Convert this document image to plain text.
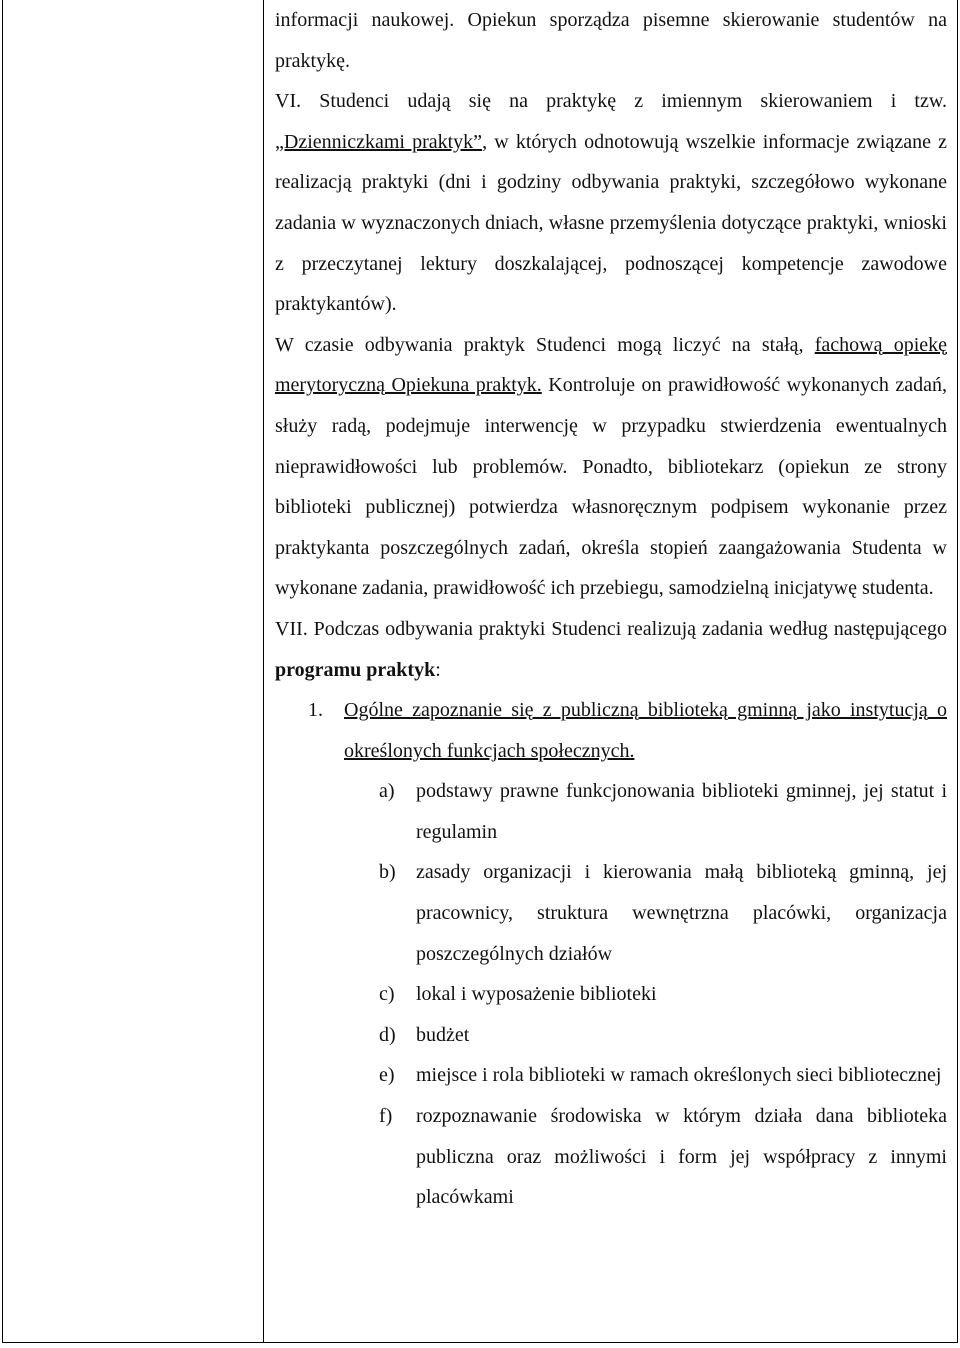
informacji naukowej. Opiekun sporządza pisemne skierowanie studentów na praktykę.

VI. Studenci udają się na praktykę z imiennym skierowaniem i tzw. „Dzienniczkami praktyk”, w których odnotowują wszelkie informacje związane z realizacją praktyki (dni i godziny odbywania praktyki, szczegółowo wykonane zadania w wyznaczonych dniach, własne przemyślenia dotyczące praktyki, wnioski z przeczytanej lektury doszkalającej, podnoszącej kompetencje zawodowe praktykantów).

W czasie odbywania praktyk Studenci mogą liczyć na stałą, fachową opiekę merytoryczną Opiekuna praktyk. Kontroluje on prawidłowość wykonanych zadań, służy radą, podejmuje interwencję w przypadku stwierdzenia ewentualnych nieprawidłowości lub problemów. Ponadto, bibliotekarz (opiekun ze strony biblioteki publicznej) potwierdza własnoręcznym podpisem wykonanie przez praktykanta poszczególnych zadań, określa stopień zaangażowania Studenta w wykonane zadania, prawidłowość ich przebiegu, samodzielną inicjatywę studenta.

VII. Podczas odbywania praktyki Studenci realizują zadania według następującego programu praktyk:

1. Ogólne zapoznanie się z publiczną biblioteką gminną jako instytucją o określonych funkcjach społecznych.
a) podstawy prawne funkcjonowania biblioteki gminnej, jej statut i regulamin
b) zasady organizacji i kierowania małą biblioteką gminną, jej pracownicy, struktura wewnętrzna placówki, organizacja poszczególnych działów
c) lokal i wyposażenie biblioteki
d) budżet
e) miejsce i rola biblioteki w ramach określonych sieci bibliotecznej
f) rozpoznawanie środowiska w którym działa dana biblioteka publiczna oraz możliwości i form jej współpracy z innymi placówkami
